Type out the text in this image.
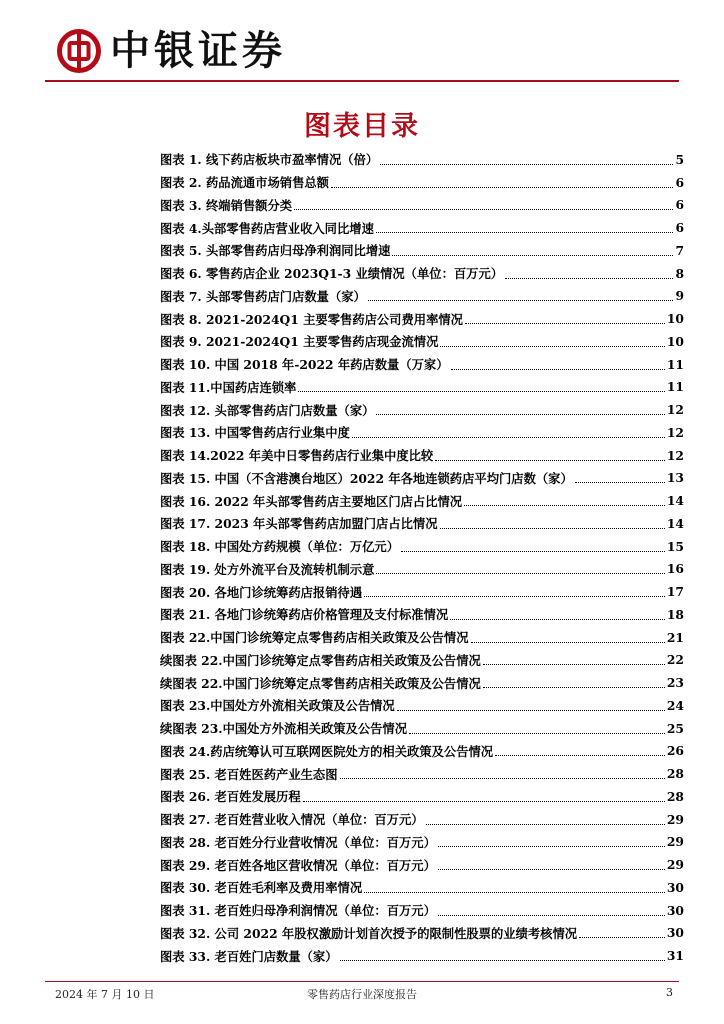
中银证券
图表目录
图表 1. 线下药店板块市盈率情况（倍）	5
图表 2. 药品流通市场销售总额	6
图表 3. 终端销售额分类	6
图表 4.头部零售药店营业收入同比增速	6
图表 5. 头部零售药店归母净利润同比增速	7
图表 6. 零售药店企业 2023Q1-3 业绩情况（单位：百万元）	8
图表 7. 头部零售药店门店数量（家）	9
图表 8. 2021-2024Q1 主要零售药店公司费用率情况	10
图表 9. 2021-2024Q1 主要零售药店现金流情况	10
图表 10. 中国 2018 年-2022 年药店数量（万家）	11
图表 11.中国药店连锁率	11
图表 12. 头部零售药店门店数量（家）	12
图表 13. 中国零售药店行业集中度	12
图表 14.2022 年美中日零售药店行业集中度比较	12
图表 15. 中国（不含港澳台地区）2022 年各地连锁药店平均门店数（家）	13
图表 16. 2022 年头部零售药店主要地区门店占比情况	14
图表 17. 2023 年头部零售药店加盟门店占比情况	14
图表 18. 中国处方药规模（单位：万亿元）	15
图表 19. 处方外流平台及流转机制示意	16
图表 20. 各地门诊统筹药店报销待遇	17
图表 21. 各地门诊统筹药店价格管理及支付标准情况	18
图表 22.中国门诊统筹定点零售药店相关政策及公告情况	21
续图表 22.中国门诊统筹定点零售药店相关政策及公告情况	22
续图表 22.中国门诊统筹定点零售药店相关政策及公告情况	23
图表 23.中国处方外流相关政策及公告情况	24
续图表 23.中国处方外流相关政策及公告情况	25
图表 24.药店统筹认可互联网医院处方的相关政策及公告情况	26
图表 25. 老百姓医药产业生态图	28
图表 26. 老百姓发展历程	28
图表 27. 老百姓营业收入情况（单位：百万元）	29
图表 28. 老百姓分行业营收情况（单位：百万元）	29
图表 29. 老百姓各地区营收情况（单位：百万元）	29
图表 30. 老百姓毛利率及费用率情况	30
图表 31. 老百姓归母净利润情况（单位：百万元）	30
图表 32. 公司 2022 年股权激励计划首次授予的限制性股票的业绩考核情况	30
图表 33. 老百姓门店数量（家）	31
2024 年 7 月 10 日	零售药店行业深度报告	3
